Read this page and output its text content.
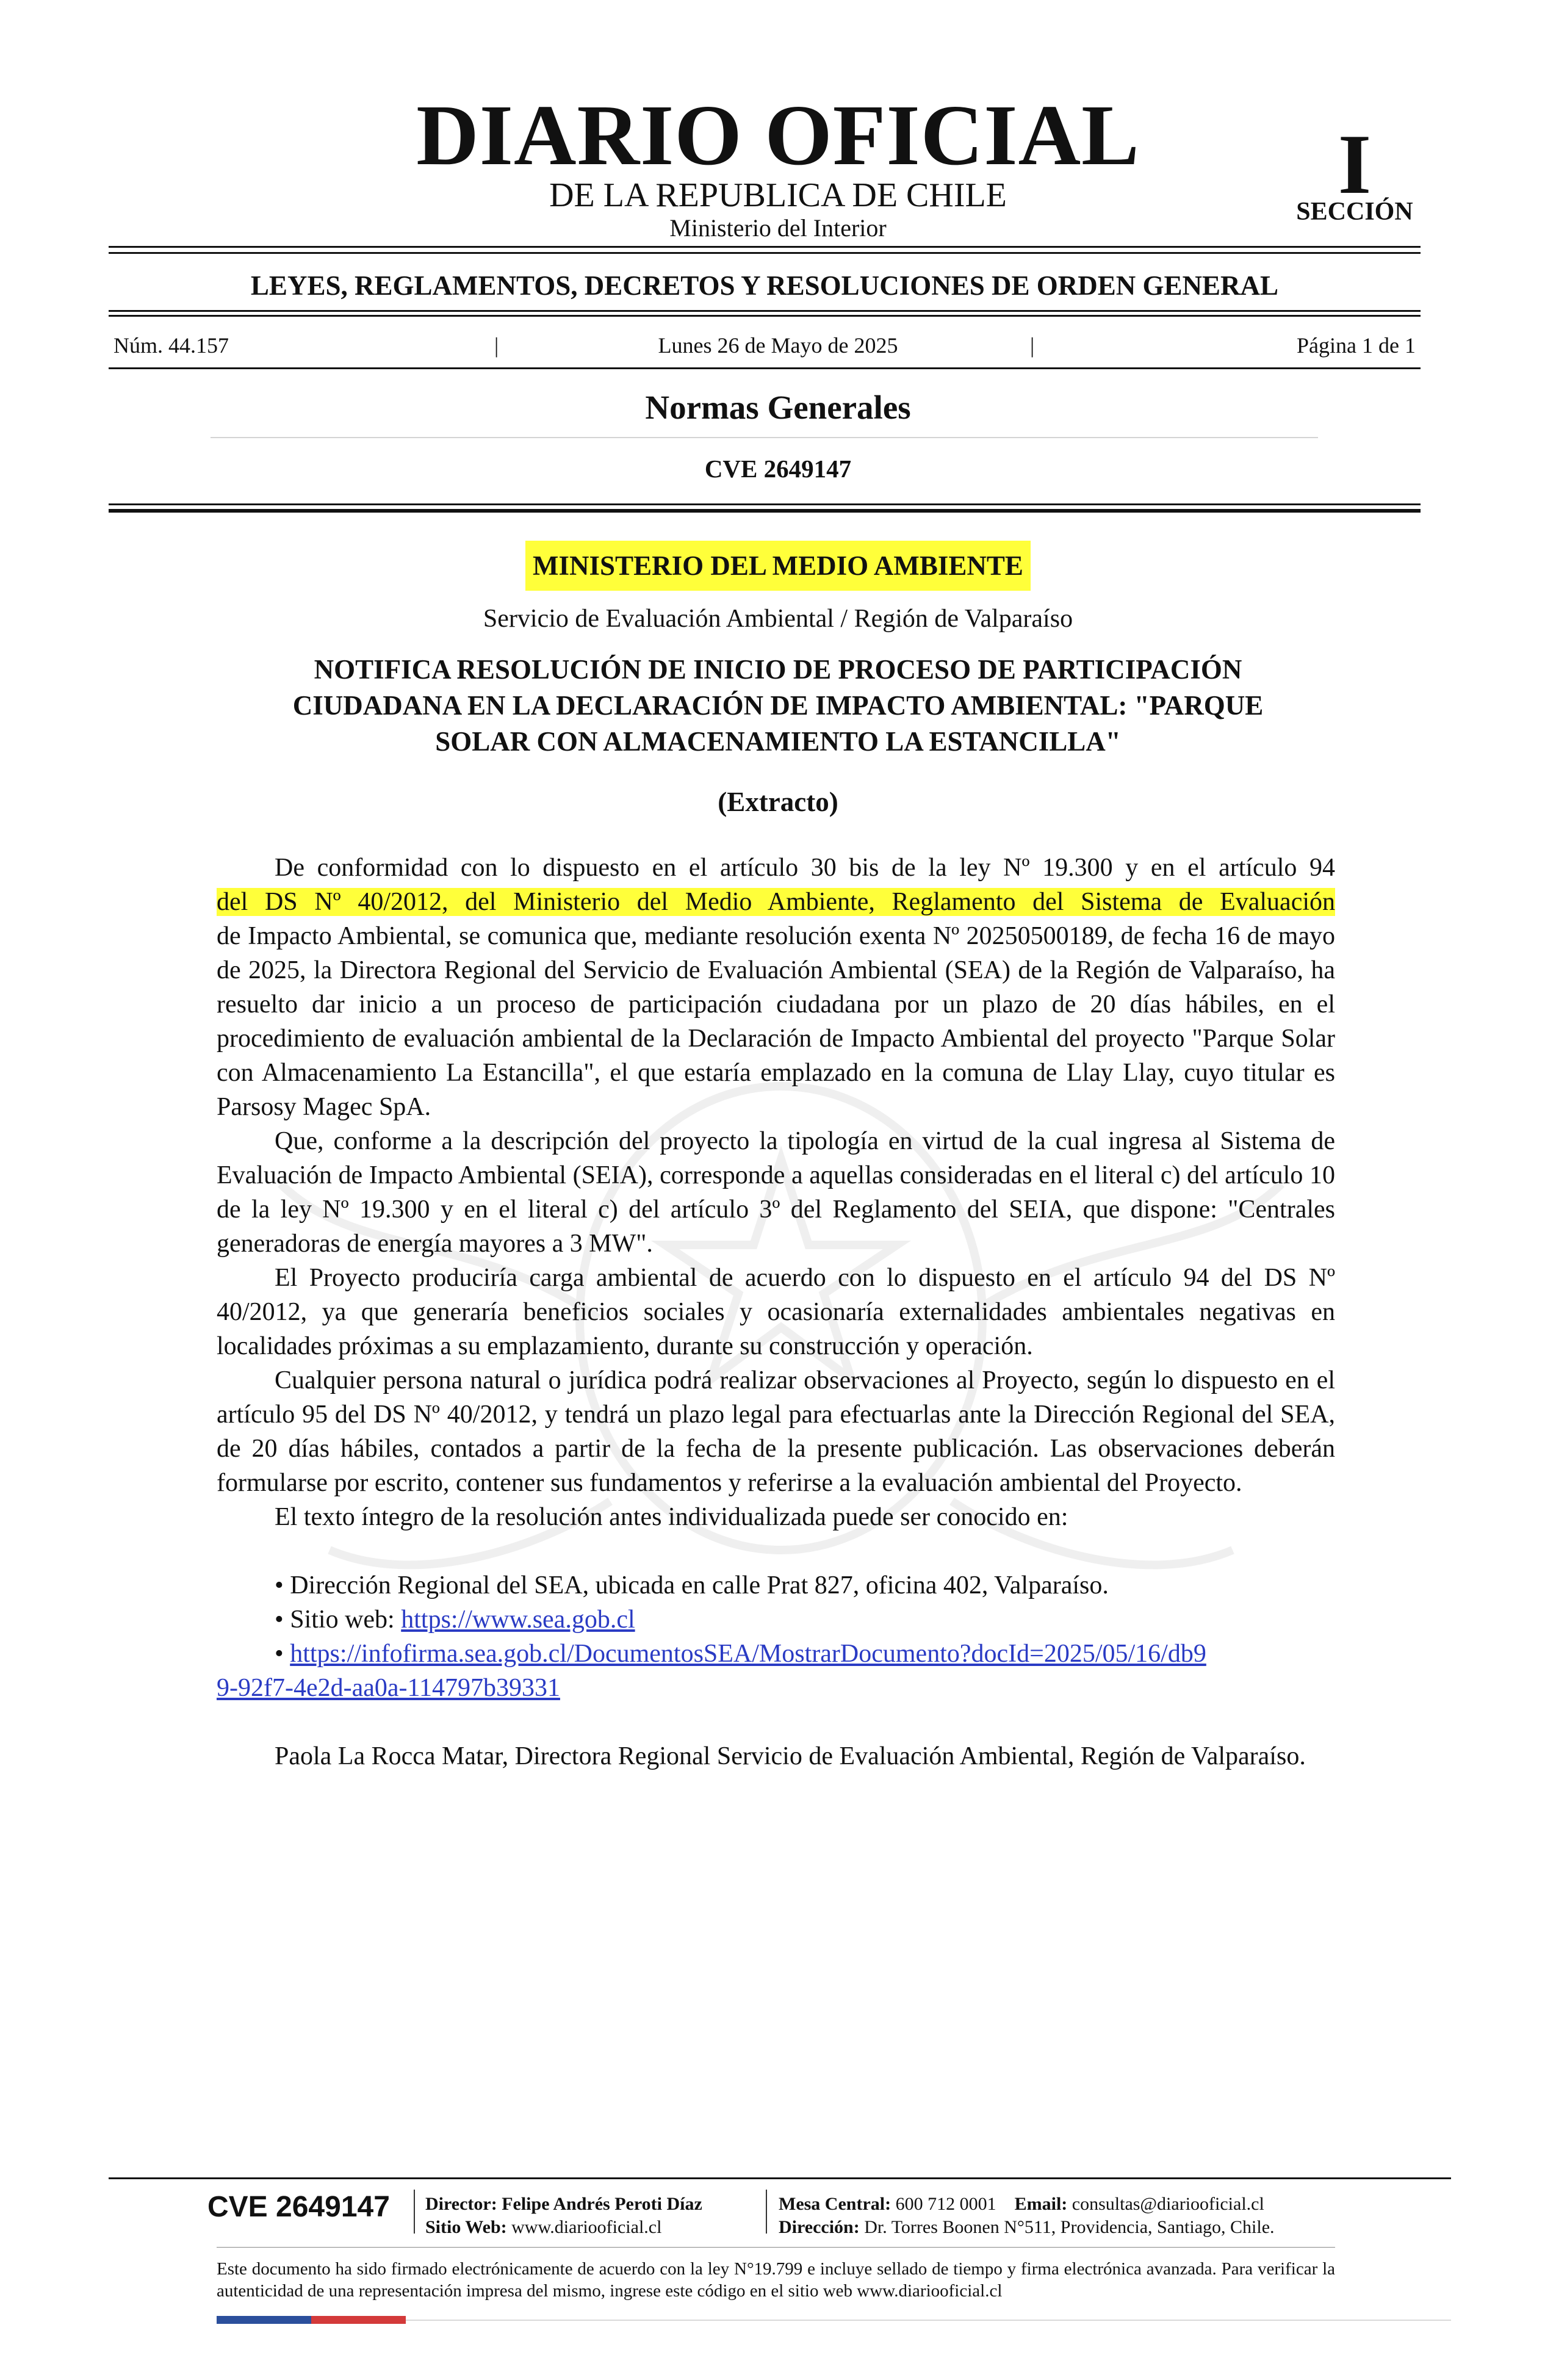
DIARIO OFICIAL
DE LA REPUBLICA DE CHILE
Ministerio del Interior
I
SECCIÓN
LEYES, REGLAMENTOS, DECRETOS Y RESOLUCIONES DE ORDEN GENERAL
Núm. 44.157	|	Lunes 26 de Mayo de 2025	|	Página 1 de 1
Normas Generales
CVE 2649147
MINISTERIO DEL MEDIO AMBIENTE
Servicio de Evaluación Ambiental / Región de Valparaíso
NOTIFICA RESOLUCIÓN DE INICIO DE PROCESO DE PARTICIPACIÓN
CIUDADANA EN LA DECLARACIÓN DE IMPACTO AMBIENTAL: "PARQUE
SOLAR CON ALMACENAMIENTO LA ESTANCILLA"
(Extracto)

De conformidad con lo dispuesto en el artículo 30 bis de la ley Nº 19.300 y en el artículo 94

del DS Nº 40/2012, del Ministerio del Medio Ambiente, Reglamento del Sistema de Evaluación

de Impacto Ambiental, se comunica que, mediante resolución exenta Nº 20250500189, de fecha 16 de mayo de 2025, la Directora Regional del Servicio de Evaluación Ambiental (SEA) de la Región de Valparaíso, ha resuelto dar inicio a un proceso de participación ciudadana por un plazo de 20 días hábiles, en el procedimiento de evaluación ambiental de la Declaración de Impacto Ambiental del proyecto "Parque Solar con Almacenamiento La Estancilla", el que estaría emplazado en la comuna de Llay Llay, cuyo titular es Parsosy Magec SpA.

Que, conforme a la descripción del proyecto la tipología en virtud de la cual ingresa al Sistema de Evaluación de Impacto Ambiental (SEIA), corresponde a aquellas consideradas en el literal c) del artículo 10 de la ley Nº 19.300 y en el literal c) del artículo 3º del Reglamento del SEIA, que dispone: "Centrales generadoras de energía mayores a 3 MW".

El Proyecto produciría carga ambiental de acuerdo con lo dispuesto en el artículo 94 del DS Nº 40/2012, ya que generaría beneficios sociales y ocasionaría externalidades ambientales negativas en localidades próximas a su emplazamiento, durante su construcción y operación.

Cualquier persona natural o jurídica podrá realizar observaciones al Proyecto, según lo dispuesto en el artículo 95 del DS Nº 40/2012, y tendrá un plazo legal para efectuarlas ante la Dirección Regional del SEA, de 20 días hábiles, contados a partir de la fecha de la presente publicación. Las observaciones deberán formularse por escrito, contener sus fundamentos y referirse a la evaluación ambiental del Proyecto.

El texto íntegro de la resolución antes individualizada puede ser conocido en:

• Dirección Regional del SEA, ubicada en calle Prat 827, oficina 402, Valparaíso.

• Sitio web: https://www.sea.gob.cl

• https://infofirma.sea.gob.cl/DocumentosSEA/MostrarDocumento?docId=2025/05/16/db9

9-92f7-4e2d-aa0a-114797b39331

Paola La Rocca Matar, Directora Regional Servicio de Evaluación Ambiental, Región de Valparaíso.

CVE 2649147 Director: Felipe Andrés Peroti Díaz
Sitio Web: www.diariooficial.cl
Mesa Central: 600 712 0001 Email: consultas@diariooficial.cl
Dirección: Dr. Torres Boonen N°511, Providencia, Santiago, Chile.
Este documento ha sido firmado electrónicamente de acuerdo con la ley N°19.799 e incluye sellado de tiempo y firma electrónica avanzada. Para verificar la autenticidad de una representación impresa del mismo, ingrese este código en el sitio web www.diariooficial.cl
